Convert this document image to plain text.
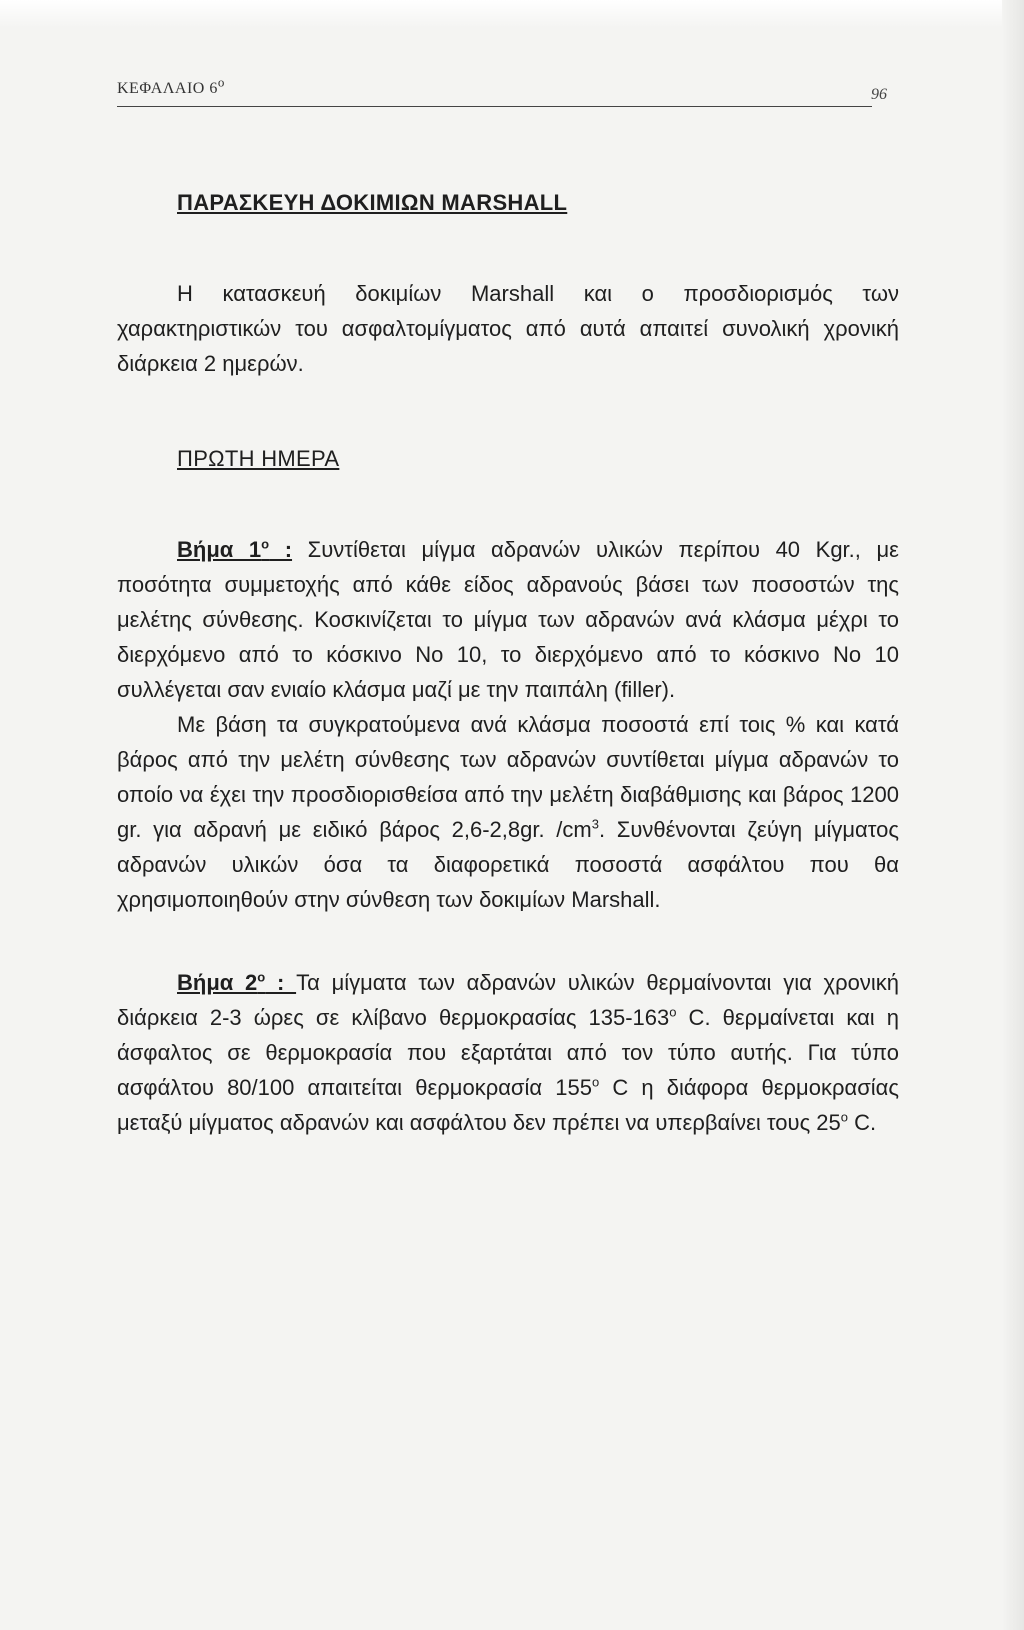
ΚΕΦΑΛΑΙΟ $6^o$
96
ΠΑΡΑΣΚΕΥΗ ΔΟΚΙΜΙΩΝ MARSHALL

Η κατασκευή δοκιμίων Marshall και ο προσδιορισμός των χαρακτηριστικών του ασφαλτομίγματος από αυτά απαιτεί συνολική χρονική διάρκεια 2 ημερών.

ΠΡΩΤΗ ΗΜΕΡΑ

Βήμα $1^o$ : Συντίθεται μίγμα αδρανών υλικών περίπου 40 Kgr., με ποσότητα συμμετοχής από κάθε είδος αδρανούς βάσει των ποσοστών της μελέτης σύνθεσης. Κοσκινίζεται το μίγμα των αδρανών ανά κλάσμα μέχρι το διερχόμενο από το κόσκινο No 10, το διερχόμενο από το κόσκινο No 10 συλλέγεται σαν ενιαίο κλάσμα μαζί με την παιπάλη (filler).

Με βάση τα συγκρατούμενα ανά κλάσμα ποσοστά επί τοις % και κατά βάρος από την μελέτη σύνθεσης των αδρανών συντίθεται μίγμα αδρανών το οποίο να έχει την προσδιορισθείσα από την μελέτη διαβάθμισης και βάρος 1200 gr. για αδρανή με ειδικό βάρος 2,6-2,8gr. $/cm^3$. Συνθένονται ζεύγη μίγματος αδρανών υλικών όσα τα διαφορετικά ποσοστά ασφάλτου που θα χρησιμοποιηθούν στην σύνθεση των δοκιμίων Marshall.

Βήμα $2^o$ : Τα μίγματα των αδρανών υλικών θερμαίνονται για χρονική διάρκεια 2-3 ώρες σε κλίβανο θερμοκρασίας $135-163^o$ C. θερμαίνεται και η άσφαλτος σε θερμοκρασία που εξαρτάται από τον τύπο αυτής. Για τύπο ασφάλτου 80/100 απαιτείται θερμοκρασία $155^o$ C η διάφορα θερμοκρασίας μεταξύ μίγματος αδρανών και ασφάλτου δεν πρέπει να υπερβαίνει τους $25^o$ C.
